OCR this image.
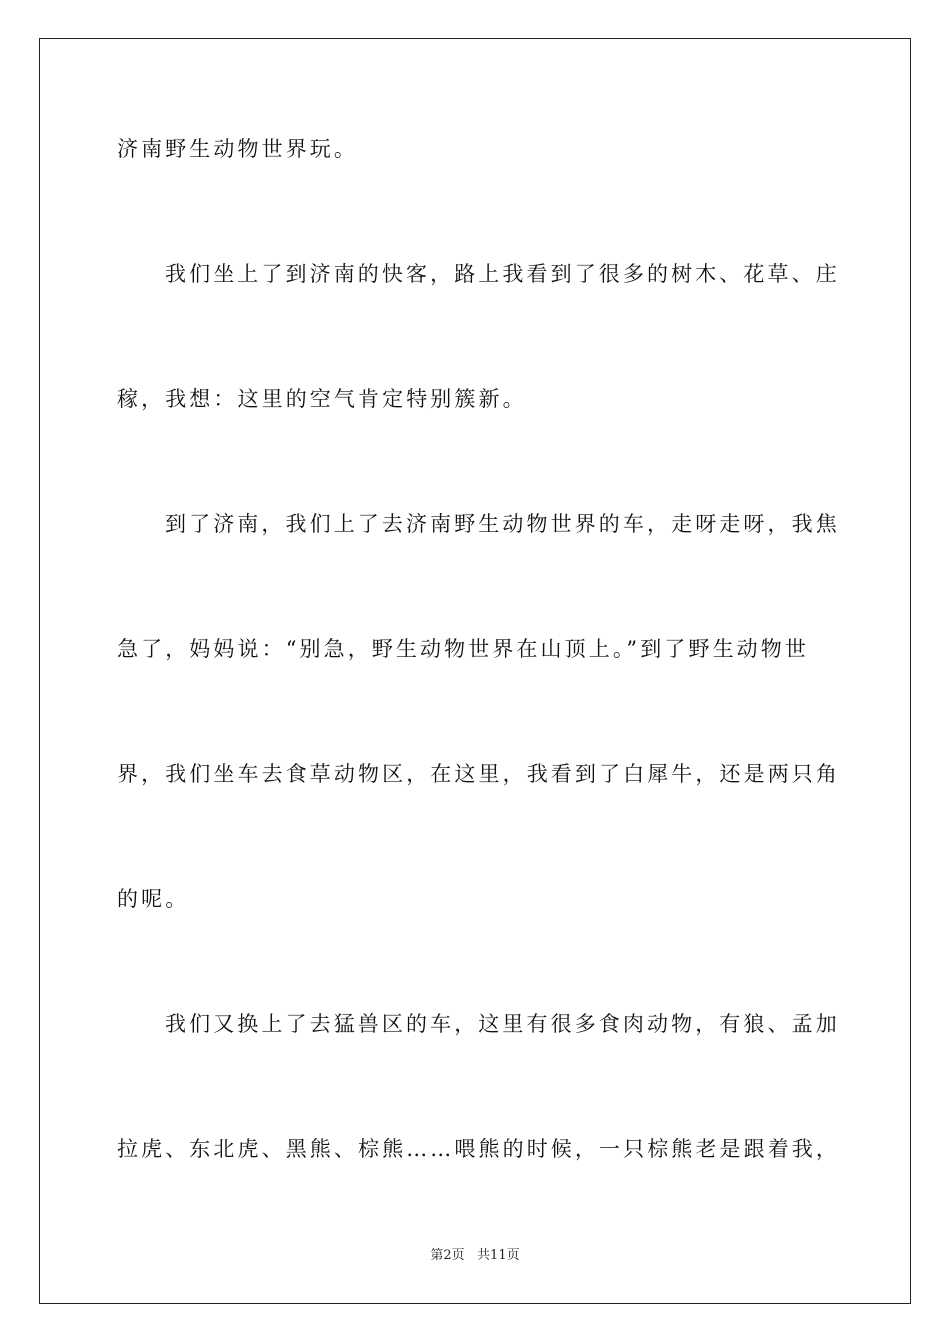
济南野生动物世界玩。
我们坐上了到济南的快客，路上我看到了很多的树木、花草、庄
稼，我想：这里的空气肯定特别簇新。
到了济南，我们上了去济南野生动物世界的车，走呀走呀，我焦
急了，妈妈说：“别急，野生动物世界在山顶上。”到了野生动物世
界，我们坐车去食草动物区，在这里，我看到了白犀牛，还是两只角
的呢。
我们又换上了去猛兽区的车，这里有很多食肉动物，有狼、孟加
拉虎、东北虎、黑熊、棕熊……喂熊的时候，一只棕熊老是跟着我，
第2页   共11页
